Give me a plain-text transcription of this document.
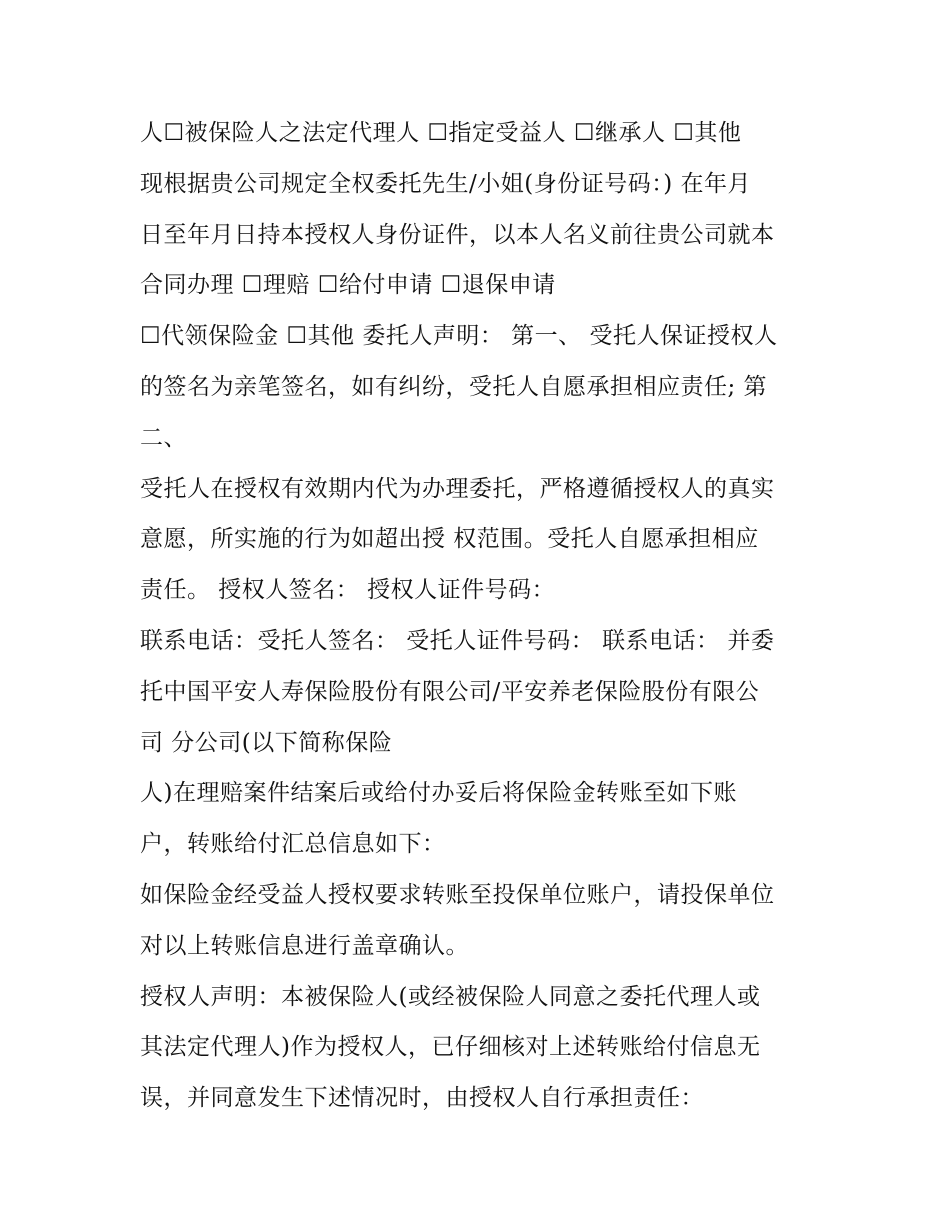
人☐被保险人之法定代理人 ☐指定受益人 ☐继承人 ☐其他
现根据贵公司规定全权委托先生/小姐(身份证号码：) 在年月
日至年月日持本授权人身份证件，以本人名义前往贵公司就本
合同办理 ☐理赔 ☐给付申请 ☐退保申请
☐代领保险金 ☐其他 委托人声明： 第一、 受托人保证授权人
的签名为亲笔签名，如有纠纷，受托人自愿承担相应责任; 第
二、
受托人在授权有效期内代为办理委托，严格遵循授权人的真实
意愿，所实施的行为如超出授 权范围。受托人自愿承担相应
责任。 授权人签名： 授权人证件号码：
联系电话：受托人签名： 受托人证件号码： 联系电话： 并委
托中国平安人寿保险股份有限公司/平安养老保险股份有限公
司 分公司(以下简称保险
人)在理赔案件结案后或给付办妥后将保险金转账至如下账
户，转账给付汇总信息如下：
如保险金经受益人授权要求转账至投保单位账户，请投保单位
对以上转账信息进行盖章确认。
授权人声明：本被保险人(或经被保险人同意之委托代理人或
其法定代理人)作为授权人，已仔细核对上述转账给付信息无
误，并同意发生下述情况时，由授权人自行承担责任：
